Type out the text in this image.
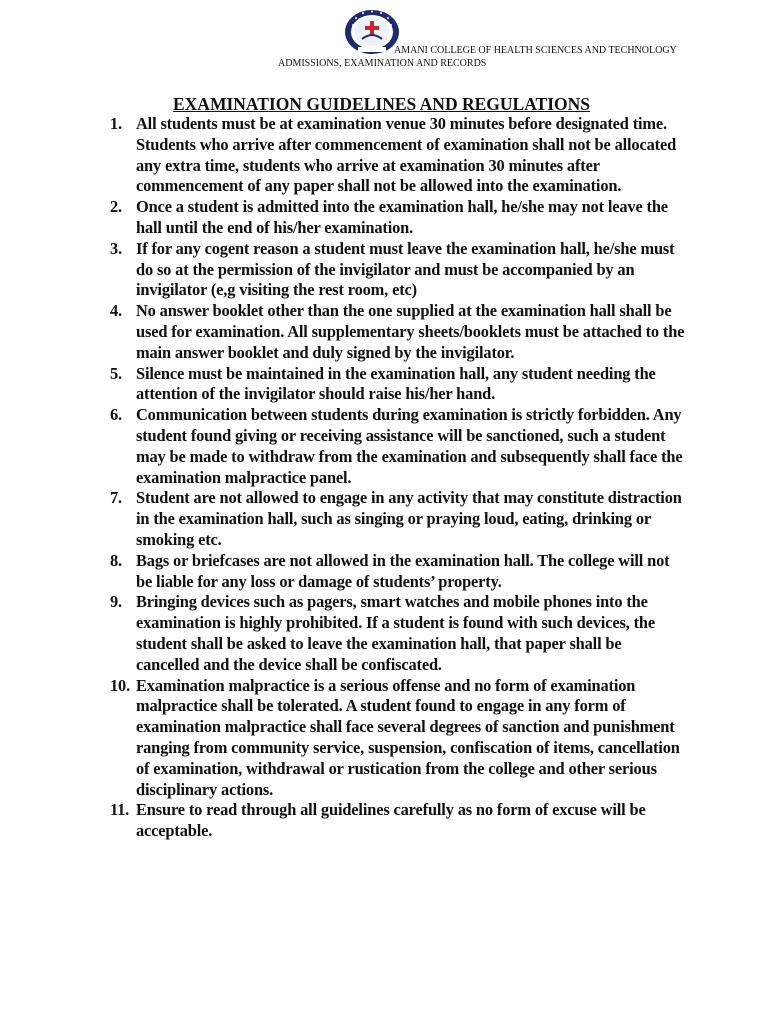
AMANI COLLEGE OF HEALTH SCIENCES AND TECHNOLOGY
ADMISSIONS, EXAMINATION AND RECORDS
EXAMINATION GUIDELINES AND REGULATIONS
1. All students must be at examination venue 30 minutes before designated time. Students who arrive after commencement of examination shall not be allocated any extra time, students who arrive at examination 30 minutes after commencement of any paper shall not be allowed into the examination.
2. Once a student is admitted into the examination hall, he/she may not leave the hall until the end of his/her examination.
3. If for any cogent reason a student must leave the examination hall, he/she must do so at the permission of the invigilator and must be accompanied by an invigilator (e,g visiting the rest room, etc)
4. No answer booklet other than the one supplied at the examination hall shall be used for examination. All supplementary sheets/booklets must be attached to the main answer booklet and duly signed by the invigilator.
5. Silence must be maintained in the examination hall, any student needing the attention of the invigilator should raise his/her hand.
6. Communication between students during examination is strictly forbidden. Any student found giving or receiving assistance will be sanctioned, such a student may be made to withdraw from the examination and subsequently shall face the examination malpractice panel.
7. Student are not allowed to engage in any activity that may constitute distraction in the examination hall, such as singing or praying loud, eating, drinking or smoking etc.
8. Bags or briefcases are not allowed in the examination hall. The college will not be liable for any loss or damage of students’ property.
9. Bringing devices such as pagers, smart watches and mobile phones into the examination is highly prohibited. If a student is found with such devices, the student shall be asked to leave the examination hall, that paper shall be cancelled and the device shall be confiscated.
10. Examination malpractice is a serious offense and no form of examination malpractice shall be tolerated. A student found to engage in any form of examination malpractice shall face several degrees of sanction and punishment ranging from community service, suspension, confiscation of items, cancellation of examination, withdrawal or rustication from the college and other serious disciplinary actions.
11. Ensure to read through all guidelines carefully as no form of excuse will be acceptable.
